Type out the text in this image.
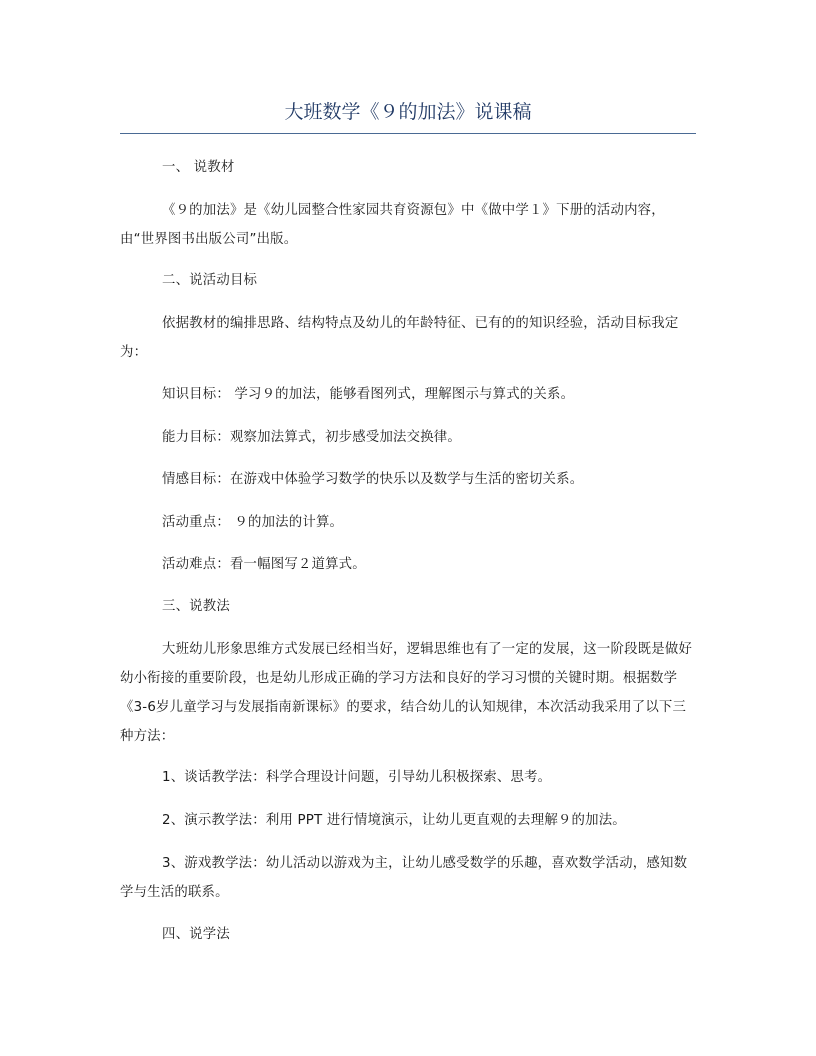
大班数学《９的加法》说课稿

一、 说教材

《９的加法》是《幼儿园整合性家园共育资源包》中《做中学１》下册的活动内容，由“世界图书出版公司”出版。

二、说活动目标

依据教材的编排思路、结构特点及幼儿的年龄特征、已有的的知识经验，活动目标我定为：

知识目标： 学习９的加法，能够看图列式，理解图示与算式的关系。

能力目标：观察加法算式，初步感受加法交换律。

情感目标：在游戏中体验学习数学的快乐以及数学与生活的密切关系。

活动重点： ９的加法的计算。

活动难点：看一幅图写２道算式。

三、说教法

大班幼儿形象思维方式发展已经相当好，逻辑思维也有了一定的发展，这一阶段既是做好幼小衔接的重要阶段，也是幼儿形成正确的学习方法和良好的学习习惯的关键时期。根据数学《3-6岁儿童学习与发展指南新课标》的要求，结合幼儿的认知规律，本次活动我采用了以下三种方法：

1、谈话教学法：科学合理设计问题，引导幼儿积极探索、思考。

2、演示教学法：利用 PPT 进行情境演示，让幼儿更直观的去理解９的加法。

3、游戏教学法：幼儿活动以游戏为主，让幼儿感受数学的乐趣，喜欢数学活动，感知数学与生活的联系。

四、说学法
